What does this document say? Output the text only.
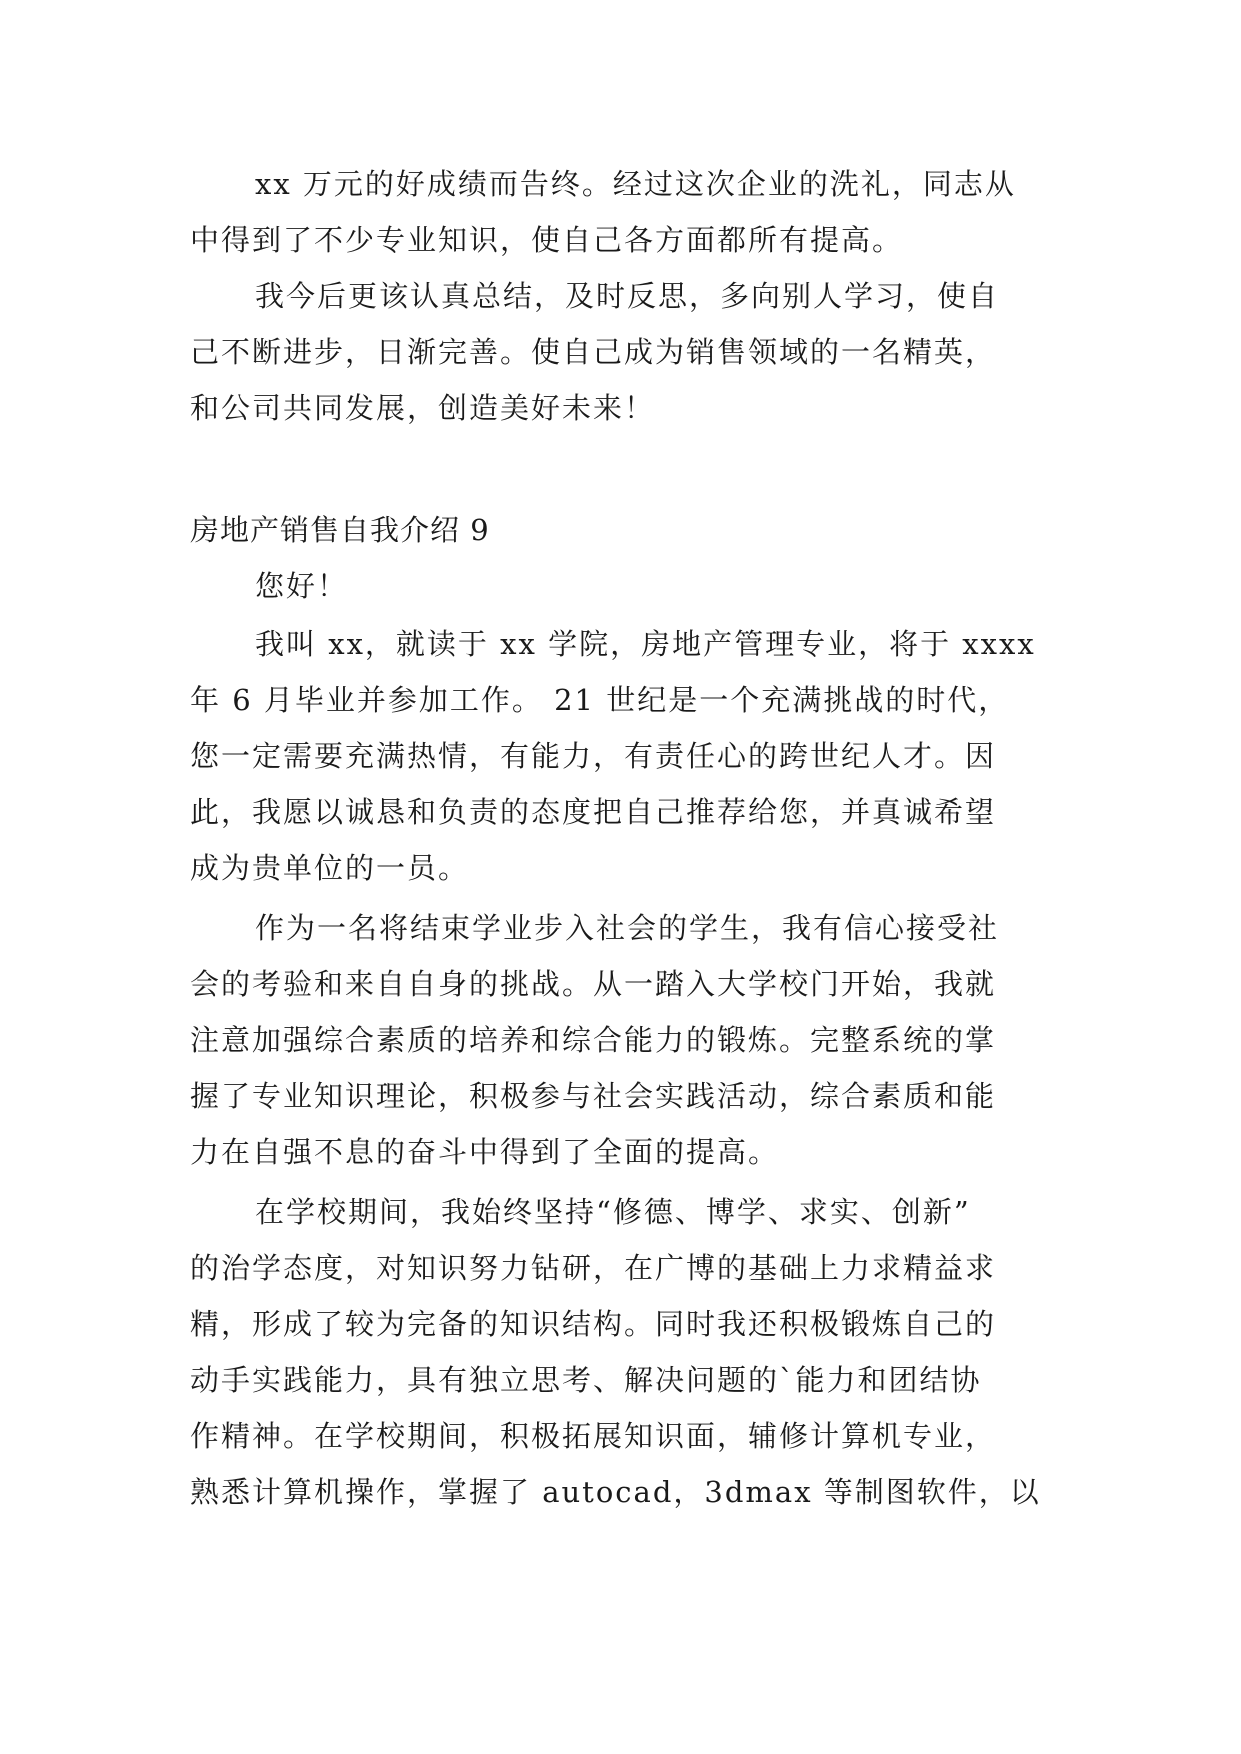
xx 万元的好成绩而告终。经过这次企业的洗礼，同志从
中得到了不少专业知识，使自己各方面都所有提高。
我今后更该认真总结，及时反思，多向别人学习，使自
己不断进步，日渐完善。使自己成为销售领域的一名精英，
和公司共同发展，创造美好未来！
房地产销售自我介绍 9
您好！
我叫 xx，就读于 xx 学院，房地产管理专业，将于 xxxx
年 6 月毕业并参加工作。 21 世纪是一个充满挑战的时代，
您一定需要充满热情，有能力，有责任心的跨世纪人才。因
此，我愿以诚恳和负责的态度把自己推荐给您，并真诚希望
成为贵单位的一员。
作为一名将结束学业步入社会的学生，我有信心接受社
会的考验和来自自身的挑战。从一踏入大学校门开始，我就
注意加强综合素质的培养和综合能力的锻炼。完整系统的掌
握了专业知识理论，积极参与社会实践活动，综合素质和能
力在自强不息的奋斗中得到了全面的提高。
在学校期间，我始终坚持“修德、博学、求实、创新”
的治学态度，对知识努力钻研，在广博的基础上力求精益求
精，形成了较为完备的知识结构。同时我还积极锻炼自己的
动手实践能力，具有独立思考、解决问题的`能力和团结协
作精神。在学校期间，积极拓展知识面，辅修计算机专业，
熟悉计算机操作，掌握了 autocad，3dmax 等制图软件，以
